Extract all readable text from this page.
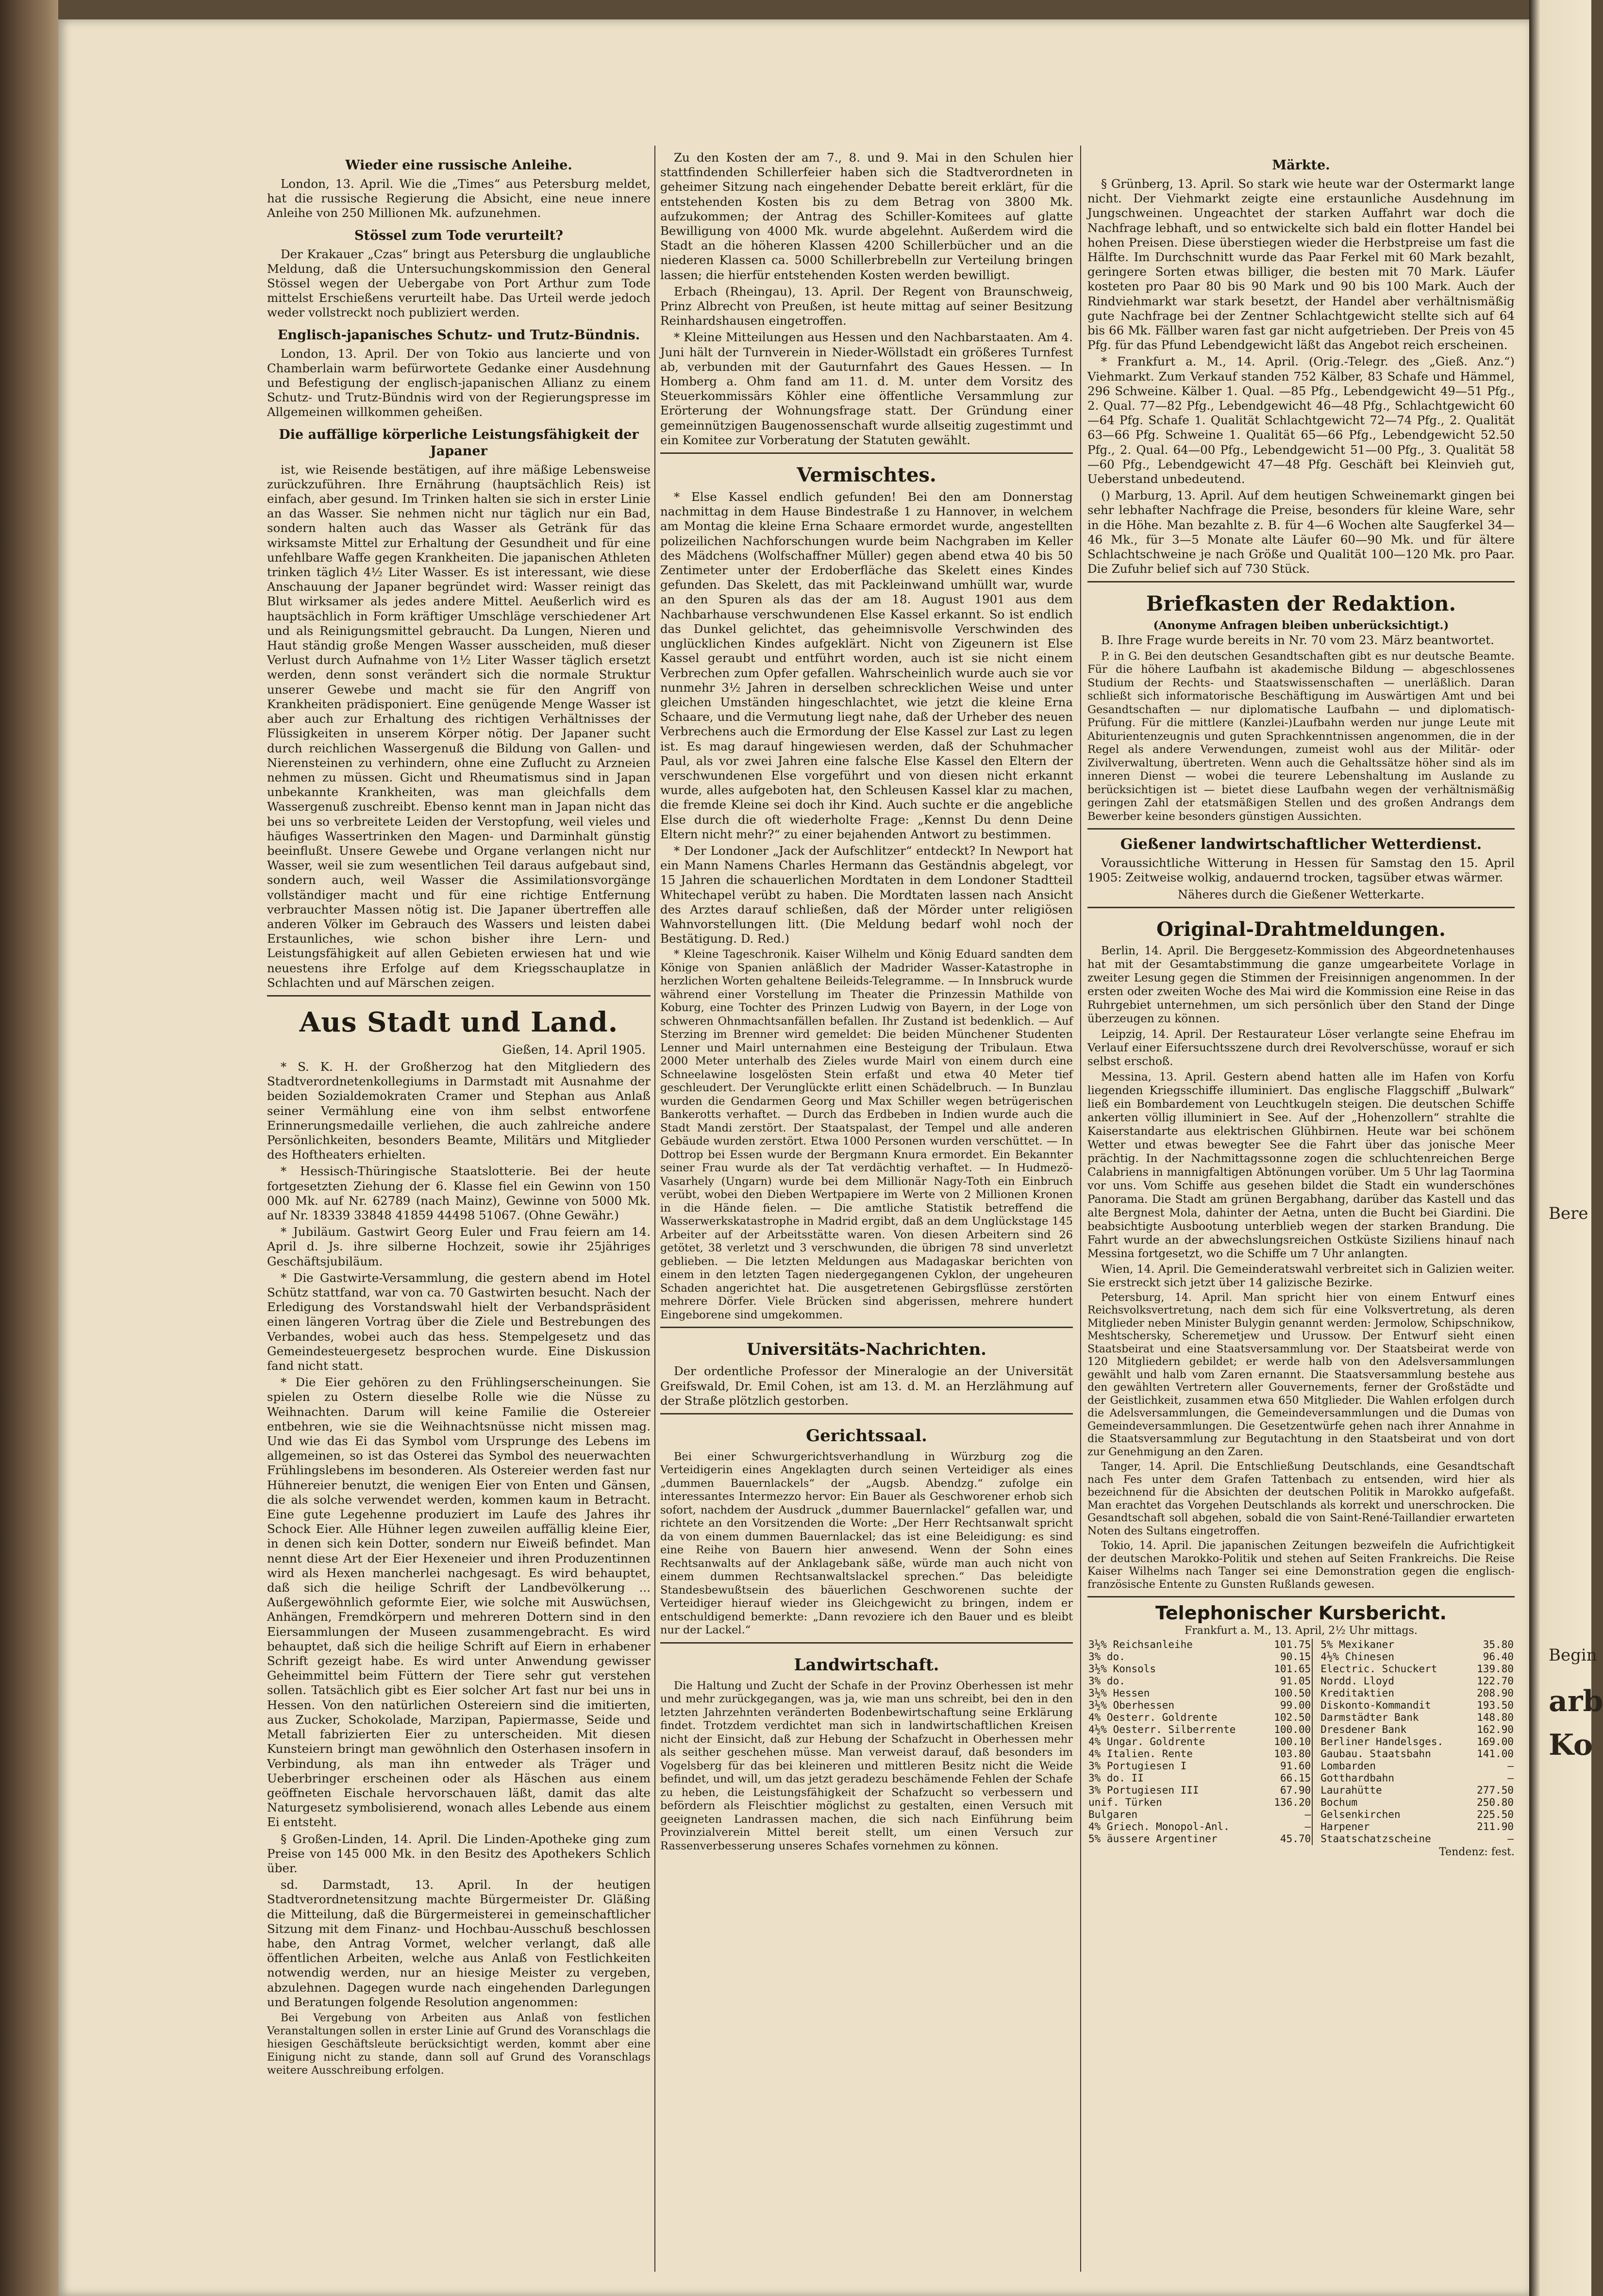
Wieder eine russische Anleihe.

London, 13. April. Wie die „Times“ aus Petersburg meldet, hat die russische Regierung die Absicht, eine neue innere Anleihe von 250 Millionen Mk. aufzunehmen.

Stössel zum Tode verurteilt?

Der Krakauer „Czas“ bringt aus Petersburg die unglaubliche Meldung, daß die Untersuchungskommission den General Stössel wegen der Uebergabe von Port Arthur zum Tode mittelst Erschießens verurteilt habe. Das Urteil werde jedoch weder vollstreckt noch publiziert werden.

Englisch-japanisches Schutz- und Trutz-Bündnis.

London, 13. April. Der von Tokio aus lancierte und von Chamberlain warm befürwortete Gedanke einer Ausdehnung und Befestigung der englisch-japanischen Allianz zu einem Schutz- und Trutz-Bündnis wird von der Regierungspresse im Allgemeinen willkommen geheißen.

Die auffällige körperliche Leistungsfähigkeit der Japaner

ist, wie Reisende bestätigen, auf ihre mäßige Lebensweise zurückzuführen. Ihre Ernährung (hauptsächlich Reis) ist einfach, aber gesund. Im Trinken halten sie sich in erster Linie an das Wasser. Sie nehmen nicht nur täglich nur ein Bad, sondern halten auch das Wasser als Getränk für das wirksamste Mittel zur Erhaltung der Gesundheit und für eine unfehlbare Waffe gegen Krankheiten. Die japanischen Athleten trinken täglich 4½ Liter Wasser. Es ist interessant, wie diese Anschauung der Japaner begründet wird: Wasser reinigt das Blut wirksamer als jedes andere Mittel. Aeußerlich wird es hauptsächlich in Form kräftiger Umschläge verschiedener Art und als Reinigungsmittel gebraucht. Da Lungen, Nieren und Haut ständig große Mengen Wasser ausscheiden, muß dieser Verlust durch Aufnahme von 1½ Liter Wasser täglich ersetzt werden, denn sonst verändert sich die normale Struktur unserer Gewebe und macht sie für den Angriff von Krankheiten prädisponiert. Eine genügende Menge Wasser ist aber auch zur Erhaltung des richtigen Verhältnisses der Flüssigkeiten in unserem Körper nötig. Der Japaner sucht durch reichlichen Wassergenuß die Bildung von Gallen- und Nierensteinen zu verhindern, ohne eine Zuflucht zu Arzneien nehmen zu müssen. Gicht und Rheumatismus sind in Japan unbekannte Krankheiten, was man gleichfalls dem Wassergenuß zuschreibt. Ebenso kennt man in Japan nicht das bei uns so verbreitete Leiden der Verstopfung, weil vieles und häufiges Wassertrinken den Magen- und Darminhalt günstig beeinflußt. Unsere Gewebe und Organe verlangen nicht nur Wasser, weil sie zum wesentlichen Teil daraus aufgebaut sind, sondern auch, weil Wasser die Assimilationsvorgänge vollständiger macht und für eine richtige Entfernung verbrauchter Massen nötig ist. Die Japaner übertreffen alle anderen Völker im Gebrauch des Wassers und leisten dabei Erstaunliches, wie schon bisher ihre Lern- und Leistungsfähigkeit auf allen Gebieten erwiesen hat und wie neuestens ihre Erfolge auf dem Kriegsschauplatze in Schlachten und auf Märschen zeigen.

Aus Stadt und Land.
Gießen, 14. April 1905.

* S. K. H. der Großherzog hat den Mitgliedern des Stadtverordnetenkollegiums in Darmstadt mit Ausnahme der beiden Sozialdemokraten Cramer und Stephan aus Anlaß seiner Vermählung eine von ihm selbst entworfene Erinnerungsmedaille verliehen, die auch zahlreiche andere Persönlichkeiten, besonders Beamte, Militärs und Mitglieder des Hoftheaters erhielten.

* Hessisch-Thüringische Staatslotterie. Bei der heute fortgesetzten Ziehung der 6. Klasse fiel ein Gewinn von 150 000 Mk. auf Nr. 62789 (nach Mainz), Gewinne von 5000 Mk. auf Nr. 18339 33848 41859 44498 51067. (Ohne Gewähr.)

* Jubiläum. Gastwirt Georg Euler und Frau feiern am 14. April d. Js. ihre silberne Hochzeit, sowie ihr 25jähriges Geschäftsjubiläum.

* Die Gastwirte-Versammlung, die gestern abend im Hotel Schütz stattfand, war von ca. 70 Gastwirten besucht. Nach der Erledigung des Vorstandswahl hielt der Verbandspräsident einen längeren Vortrag über die Ziele und Bestrebungen des Verbandes, wobei auch das hess. Stempelgesetz und das Gemeindesteuergesetz besprochen wurde. Eine Diskussion fand nicht statt.

* Die Eier gehören zu den Frühlingserscheinungen. Sie spielen zu Ostern dieselbe Rolle wie die Nüsse zu Weihnachten. Darum will keine Familie die Ostereier entbehren, wie sie die Weihnachtsnüsse nicht missen mag. Und wie das Ei das Symbol vom Ursprunge des Lebens im allgemeinen, so ist das Osterei das Symbol des neuerwachten Frühlingslebens im besonderen. Als Ostereier werden fast nur Hühnereier benutzt, die wenigen Eier von Enten und Gänsen, die als solche verwendet werden, kommen kaum in Betracht. Eine gute Legehenne produziert im Laufe des Jahres ihr Schock Eier. Alle Hühner legen zuweilen auffällig kleine Eier, in denen sich kein Dotter, sondern nur Eiweiß befindet. Man nennt diese Art der Eier Hexeneier und ihren Produzentinnen wird als Hexen mancherlei nachgesagt. Es wird behauptet, daß sich die heilige Schrift der Landbevölkerung ... Außergewöhnlich geformte Eier, wie solche mit Auswüchsen, Anhängen, Fremdkörpern und mehreren Dottern sind in den Eiersammlungen der Museen zusammengebracht. Es wird behauptet, daß sich die heilige Schrift auf Eiern in erhabener Schrift gezeigt habe. Es wird unter Anwendung gewisser Geheimmittel beim Füttern der Tiere sehr gut verstehen sollen. Tatsächlich gibt es Eier solcher Art fast nur bei uns in Hessen. Von den natürlichen Ostereiern sind die imitierten, aus Zucker, Schokolade, Marzipan, Papiermasse, Seide und Metall fabrizierten Eier zu unterscheiden. Mit diesen Kunsteiern bringt man gewöhnlich den Osterhasen insofern in Verbindung, als man ihn entweder als Träger und Ueberbringer erscheinen oder als Häschen aus einem geöffneten Eischale hervorschauen läßt, damit das alte Naturgesetz symbolisierend, wonach alles Lebende aus einem Ei entsteht.

§ Großen-Linden, 14. April. Die Linden-Apotheke ging zum Preise von 145 000 Mk. in den Besitz des Apothekers Schlich über.

sd. Darmstadt, 13. April. In der heutigen Stadtverordnetensitzung machte Bürgermeister Dr. Gläßing die Mitteilung, daß die Bürgermeisterei in gemeinschaftlicher Sitzung mit dem Finanz- und Hochbau-Ausschuß beschlossen habe, den Antrag Vormet, welcher verlangt, daß alle öffentlichen Arbeiten, welche aus Anlaß von Festlichkeiten notwendig werden, nur an hiesige Meister zu vergeben, abzulehnen. Dagegen wurde nach eingehenden Darlegungen und Beratungen folgende Resolution angenommen:

Bei Vergebung von Arbeiten aus Anlaß von festlichen Veranstaltungen sollen in erster Linie auf Grund des Voranschlags die hiesigen Geschäftsleute berücksichtigt werden, kommt aber eine Einigung nicht zu stande, dann soll auf Grund des Voranschlags weitere Ausschreibung erfolgen.

Zu den Kosten der am 7., 8. und 9. Mai in den Schulen hier stattfindenden Schillerfeier haben sich die Stadtverordneten in geheimer Sitzung nach eingehender Debatte bereit erklärt, für die entstehenden Kosten bis zu dem Betrag von 3800 Mk. aufzukommen; der Antrag des Schiller-Komitees auf glatte Bewilligung von 4000 Mk. wurde abgelehnt. Außerdem wird die Stadt an die höheren Klassen 4200 Schillerbücher und an die niederen Klassen ca. 5000 Schillerbrebelln zur Verteilung bringen lassen; die hierfür entstehenden Kosten werden bewilligt.

Erbach (Rheingau), 13. April. Der Regent von Braunschweig, Prinz Albrecht von Preußen, ist heute mittag auf seiner Besitzung Reinhardshausen eingetroffen.

* Kleine Mitteilungen aus Hessen und den Nachbarstaaten. Am 4. Juni hält der Turnverein in Nieder-Wöllstadt ein größeres Turnfest ab, verbunden mit der Gauturnfahrt des Gaues Hessen. — In Homberg a. Ohm fand am 11. d. M. unter dem Vorsitz des Steuerkommissärs Köhler eine öffentliche Versammlung zur Erörterung der Wohnungsfrage statt. Der Gründung einer gemeinnützigen Baugenossenschaft wurde allseitig zugestimmt und ein Komitee zur Vorberatung der Statuten gewählt.

Vermischtes.

* Else Kassel endlich gefunden! Bei den am Donnerstag nachmittag in dem Hause Bindestraße 1 zu Hannover, in welchem am Montag die kleine Erna Schaare ermordet wurde, angestellten polizeilichen Nachforschungen wurde beim Nachgraben im Keller des Mädchens (Wolfschaffner Müller) gegen abend etwa 40 bis 50 Zentimeter unter der Erdoberfläche das Skelett eines Kindes gefunden. Das Skelett, das mit Packleinwand umhüllt war, wurde an den Spuren als das der am 18. August 1901 aus dem Nachbarhause verschwundenen Else Kassel erkannt. So ist endlich das Dunkel gelichtet, das geheimnisvolle Verschwinden des unglücklichen Kindes aufgeklärt. Nicht von Zigeunern ist Else Kassel geraubt und entführt worden, auch ist sie nicht einem Verbrechen zum Opfer gefallen. Wahrscheinlich wurde auch sie vor nunmehr 3½ Jahren in derselben schrecklichen Weise und unter gleichen Umständen hingeschlachtet, wie jetzt die kleine Erna Schaare, und die Vermutung liegt nahe, daß der Urheber des neuen Verbrechens auch die Ermordung der Else Kassel zur Last zu legen ist. Es mag darauf hingewiesen werden, daß der Schuhmacher Paul, als vor zwei Jahren eine falsche Else Kassel den Eltern der verschwundenen Else vorgeführt und von diesen nicht erkannt wurde, alles aufgeboten hat, den Schleusen Kassel klar zu machen, die fremde Kleine sei doch ihr Kind. Auch suchte er die angebliche Else durch die oft wiederholte Frage: „Kennst Du denn Deine Eltern nicht mehr?“ zu einer bejahenden Antwort zu bestimmen.

* Der Londoner „Jack der Aufschlitzer“ entdeckt? In Newport hat ein Mann Namens Charles Hermann das Geständnis abgelegt, vor 15 Jahren die schauerlichen Mordtaten in dem Londoner Stadtteil Whitechapel verübt zu haben. Die Mordtaten lassen nach Ansicht des Arztes darauf schließen, daß der Mörder unter religiösen Wahnvorstellungen litt. (Die Meldung bedarf wohl noch der Bestätigung. D. Red.)

* Kleine Tageschronik. Kaiser Wilhelm und König Eduard sandten dem Könige von Spanien anläßlich der Madrider Wasser-Katastrophe in herzlichen Worten gehaltene Beileids-Telegramme. — In Innsbruck wurde während einer Vorstellung im Theater die Prinzessin Mathilde von Koburg, eine Tochter des Prinzen Ludwig von Bayern, in der Loge von schweren Ohnmachtsanfällen befallen. Ihr Zustand ist bedenklich. — Auf Sterzing im Brenner wird gemeldet: Die beiden Münchener Studenten Lenner und Mairl unternahmen eine Besteigung der Tribulaun. Etwa 2000 Meter unterhalb des Zieles wurde Mairl von einem durch eine Schneelawine losgelösten Stein erfaßt und etwa 40 Meter tief geschleudert. Der Verunglückte erlitt einen Schädelbruch. — In Bunzlau wurden die Gendarmen Georg und Max Schiller wegen betrügerischen Bankerotts verhaftet. — Durch das Erdbeben in Indien wurde auch die Stadt Mandi zerstört. Der Staatspalast, der Tempel und alle anderen Gebäude wurden zerstört. Etwa 1000 Personen wurden verschüttet. — In Dottrop bei Essen wurde der Bergmann Knura ermordet. Ein Bekannter seiner Frau wurde als der Tat verdächtig verhaftet. — In Hudmezö-Vasarhely (Ungarn) wurde bei dem Millionär Nagy-Toth ein Einbruch verübt, wobei den Dieben Wertpapiere im Werte von 2 Millionen Kronen in die Hände fielen. — Die amtliche Statistik betreffend die Wasserwerkskatastrophe in Madrid ergibt, daß an dem Unglückstage 145 Arbeiter auf der Arbeitsstätte waren. Von diesen Arbeitern sind 26 getötet, 38 verletzt und 3 verschwunden, die übrigen 78 sind unverletzt geblieben. — Die letzten Meldungen aus Madagaskar berichten von einem in den letzten Tagen niedergegangenen Cyklon, der ungeheuren Schaden angerichtet hat. Die ausgetretenen Gebirgsflüsse zerstörten mehrere Dörfer. Viele Brücken sind abgerissen, mehrere hundert Eingeborene sind umgekommen.

Universitäts-Nachrichten.

Der ordentliche Professor der Mineralogie an der Universität Greifswald, Dr. Emil Cohen, ist am 13. d. M. an Herzlähmung auf der Straße plötzlich gestorben.

Gerichtssaal.

Bei einer Schwurgerichtsverhandlung in Würzburg zog die Verteidigerin eines Angeklagten durch seinen Verteidiger als eines „dummen Bauernlackels“ der „Augsb. Abendzg.“ zufolge ein interessantes Intermezzo hervor: Ein Bauer als Geschworener erhob sich sofort, nachdem der Ausdruck „dummer Bauernlackel“ gefallen war, und richtete an den Vorsitzenden die Worte: „Der Herr Rechtsanwalt spricht da von einem dummen Bauernlackel; das ist eine Beleidigung: es sind eine Reihe von Bauern hier anwesend. Wenn der Sohn eines Rechtsanwalts auf der Anklagebank säße, würde man auch nicht von einem dummen Rechtsanwaltslackel sprechen.“ Das beleidigte Standesbewußtsein des bäuerlichen Geschworenen suchte der Verteidiger hierauf wieder ins Gleichgewicht zu bringen, indem er entschuldigend bemerkte: „Dann revoziere ich den Bauer und es bleibt nur der Lackel.“

Landwirtschaft.

Die Haltung und Zucht der Schafe in der Provinz Oberhessen ist mehr und mehr zurückgegangen, was ja, wie man uns schreibt, bei den in den letzten Jahrzehnten veränderten Bodenbewirtschaftung seine Erklärung findet. Trotzdem verdichtet man sich in landwirtschaftlichen Kreisen nicht der Einsicht, daß zur Hebung der Schafzucht in Oberhessen mehr als seither geschehen müsse. Man verweist darauf, daß besonders im Vogelsberg für das bei kleineren und mittleren Besitz nicht die Weide befindet, und will, um das jetzt geradezu beschämende Fehlen der Schafe zu heben, die Leistungsfähigkeit der Schafzucht so verbessern und befördern als Fleischtier möglichst zu gestalten, einen Versuch mit geeigneten Landrassen machen, die sich nach Einführung beim Provinzialverein Mittel bereit stellt, um einen Versuch zur Rassenverbesserung unseres Schafes vornehmen zu können.

Märkte.

§ Grünberg, 13. April. So stark wie heute war der Ostermarkt lange nicht. Der Viehmarkt zeigte eine erstaunliche Ausdehnung im Jungschweinen. Ungeachtet der starken Auffahrt war doch die Nachfrage lebhaft, und so entwickelte sich bald ein flotter Handel bei hohen Preisen. Diese überstiegen wieder die Herbstpreise um fast die Hälfte. Im Durchschnitt wurde das Paar Ferkel mit 60 Mark bezahlt, geringere Sorten etwas billiger, die besten mit 70 Mark. Läufer kosteten pro Paar 80 bis 90 Mark und 90 bis 100 Mark. Auch der Rindviehmarkt war stark besetzt, der Handel aber verhältnismäßig gute Nachfrage bei der Zentner Schlachtgewicht stellte sich auf 64 bis 66 Mk. Fällber waren fast gar nicht aufgetrieben. Der Preis von 45 Pfg. für das Pfund Lebendgewicht läßt das Angebot reich erscheinen.

* Frankfurt a. M., 14. April. (Orig.-Telegr. des „Gieß. Anz.“) Viehmarkt. Zum Verkauf standen 752 Kälber, 83 Schafe und Hämmel, 296 Schweine. Kälber 1. Qual. —85 Pfg., Lebendgewicht 49—51 Pfg., 2. Qual. 77—82 Pfg., Lebendgewicht 46—48 Pfg., Schlachtgewicht 60—64 Pfg. Schafe 1. Qualität Schlachtgewicht 72—74 Pfg., 2. Qualität 63—66 Pfg. Schweine 1. Qualität 65—66 Pfg., Lebendgewicht 52.50 Pfg., 2. Qual. 64—00 Pfg., Lebendgewicht 51—00 Pfg., 3. Qualität 58—60 Pfg., Lebendgewicht 47—48 Pfg. Geschäft bei Kleinvieh gut, Ueberstand unbedeutend.

() Marburg, 13. April. Auf dem heutigen Schweinemarkt gingen bei sehr lebhafter Nachfrage die Preise, besonders für kleine Ware, sehr in die Höhe. Man bezahlte z. B. für 4—6 Wochen alte Saugferkel 34—46 Mk., für 3—5 Monate alte Läufer 60—90 Mk. und für ältere Schlachtschweine je nach Größe und Qualität 100—120 Mk. pro Paar. Die Zufuhr belief sich auf 730 Stück.

Briefkasten der Redaktion.
(Anonyme Anfragen bleiben unberücksichtigt.)

B. Ihre Frage wurde bereits in Nr. 70 vom 23. März beantwortet.

P. in G. Bei den deutschen Gesandtschaften gibt es nur deutsche Beamte. Für die höhere Laufbahn ist akademische Bildung — abgeschlossenes Studium der Rechts- und Staatswissenschaften — unerläßlich. Daran schließt sich informatorische Beschäftigung im Auswärtigen Amt und bei Gesandtschaften — nur diplomatische Laufbahn — und diplomatisch-Prüfung. Für die mittlere (Kanzlei-)Laufbahn werden nur junge Leute mit Abiturientenzeugnis und guten Sprachkenntnissen angenommen, die in der Regel als andere Verwendungen, zumeist wohl aus der Militär- oder Zivilverwaltung, übertreten. Wenn auch die Gehaltssätze höher sind als im inneren Dienst — wobei die teurere Lebenshaltung im Auslande zu berücksichtigen ist — bietet diese Laufbahn wegen der verhältnismäßig geringen Zahl der etatsmäßigen Stellen und des großen Andrangs dem Bewerber keine besonders günstigen Aussichten.

Gießener landwirtschaftlicher Wetterdienst.

Voraussichtliche Witterung in Hessen für Samstag den 15. April 1905: Zeitweise wolkig, andauernd trocken, tagsüber etwas wärmer.

Näheres durch die Gießener Wetterkarte.
Original-Drahtmeldungen.

Berlin, 14. April. Die Berggesetz-Kommission des Abgeordnetenhauses hat mit der Gesamtabstimmung die ganze umgearbeitete Vorlage in zweiter Lesung gegen die Stimmen der Freisinnigen angenommen. In der ersten oder zweiten Woche des Mai wird die Kommission eine Reise in das Ruhrgebiet unternehmen, um sich persönlich über den Stand der Dinge überzeugen zu können.

Leipzig, 14. April. Der Restaurateur Löser verlangte seine Ehefrau im Verlauf einer Eifersuchtsszene durch drei Revolverschüsse, worauf er sich selbst erschoß.

Messina, 13. April. Gestern abend hatten alle im Hafen von Korfu liegenden Kriegsschiffe illuminiert. Das englische Flaggschiff „Bulwark“ ließ ein Bombardement von Leuchtkugeln steigen. Die deutschen Schiffe ankerten völlig illuminiert in See. Auf der „Hohenzollern“ strahlte die Kaiserstandarte aus elektrischen Glühbirnen. Heute war bei schönem Wetter und etwas bewegter See die Fahrt über das jonische Meer prächtig. In der Nachmittagssonne zogen die schluchtenreichen Berge Calabriens in mannigfaltigen Abtönungen vorüber. Um 5 Uhr lag Taormina vor uns. Vom Schiffe aus gesehen bildet die Stadt ein wunderschönes Panorama. Die Stadt am grünen Bergabhang, darüber das Kastell und das alte Bergnest Mola, dahinter der Aetna, unten die Bucht bei Giardini. Die beabsichtigte Ausbootung unterblieb wegen der starken Brandung. Die Fahrt wurde an der abwechslungsreichen Ostküste Siziliens hinauf nach Messina fortgesetzt, wo die Schiffe um 7 Uhr anlangten.

Wien, 14. April. Die Gemeinderatswahl verbreitet sich in Galizien weiter. Sie erstreckt sich jetzt über 14 galizische Bezirke.

Petersburg, 14. April. Man spricht hier von einem Entwurf eines Reichsvolksvertretung, nach dem sich für eine Volksvertretung, als deren Mitglieder neben Minister Bulygin genannt werden: Jermolow, Schipschnikow, Meshtschersky, Scheremetjew und Urussow. Der Entwurf sieht einen Staatsbeirat und eine Staatsversammlung vor. Der Staatsbeirat werde von 120 Mitgliedern gebildet; er werde halb von den Adelsversammlungen gewählt und halb vom Zaren ernannt. Die Staatsversammlung bestehe aus den gewählten Vertretern aller Gouvernements, ferner der Großstädte und der Geistlichkeit, zusammen etwa 650 Mitglieder. Die Wahlen erfolgen durch die Adelsversammlungen, die Gemeindeversammlungen und die Dumas von Gemeindeversammlungen. Die Gesetzentwürfe gehen nach ihrer Annahme in die Staatsversammlung zur Begutachtung in den Staatsbeirat und von dort zur Genehmigung an den Zaren.

Tanger, 14. April. Die Entschließung Deutschlands, eine Gesandtschaft nach Fes unter dem Grafen Tattenbach zu entsenden, wird hier als bezeichnend für die Absichten der deutschen Politik in Marokko aufgefaßt. Man erachtet das Vorgehen Deutschlands als korrekt und unerschrocken. Die Gesandtschaft soll abgehen, sobald die von Saint-René-Taillandier erwarteten Noten des Sultans eingetroffen.

Tokio, 14. April. Die japanischen Zeitungen bezweifeln die Aufrichtigkeit der deutschen Marokko-Politik und stehen auf Seiten Frankreichs. Die Reise Kaiser Wilhelms nach Tanger sei eine Demonstration gegen die englisch-französische Entente zu Gunsten Rußlands gewesen.

Telephonischer Kursbericht.
Frankfurt a. M., 13. April, 2½ Uhr mittags.
3½% Reichsanleihe	101.75		5% Mexikaner	35.80
3% do.	90.15		4½% Chinesen	96.40
3½% Konsols	101.65		Electric. Schuckert	139.80
3% do.	91.05		Nordd. Lloyd	122.70
3½% Hessen	100.50		Kreditaktien	208.90
3½% Oberhessen	99.00		Diskonto-Kommandit	193.50
4% Oesterr. Goldrente	102.50		Darmstädter Bank	148.80
4½% Oesterr. Silberrente	100.00		Dresdener Bank	162.90
4% Ungar. Goldrente	100.10		Berliner Handelsges.	169.00
4% Italien. Rente	103.80		Gaubau. Staatsbahn	141.00
3% Portugiesen I	91.60		Lombarden	—
3% do. II	66.15		Gotthardbahn	—
3% Portugiesen III	67.90		Laurahütte	277.50
unif. Türken	136.20		Bochum	250.80
Bulgaren	—		Gelsenkirchen	225.50
4% Griech. Monopol-Anl.	—		Harpener	211.90
5% äussere Argentiner	45.70		Staatschatzscheine	—
Tendenz: fest.
Bere
arb
Ko
Begin
